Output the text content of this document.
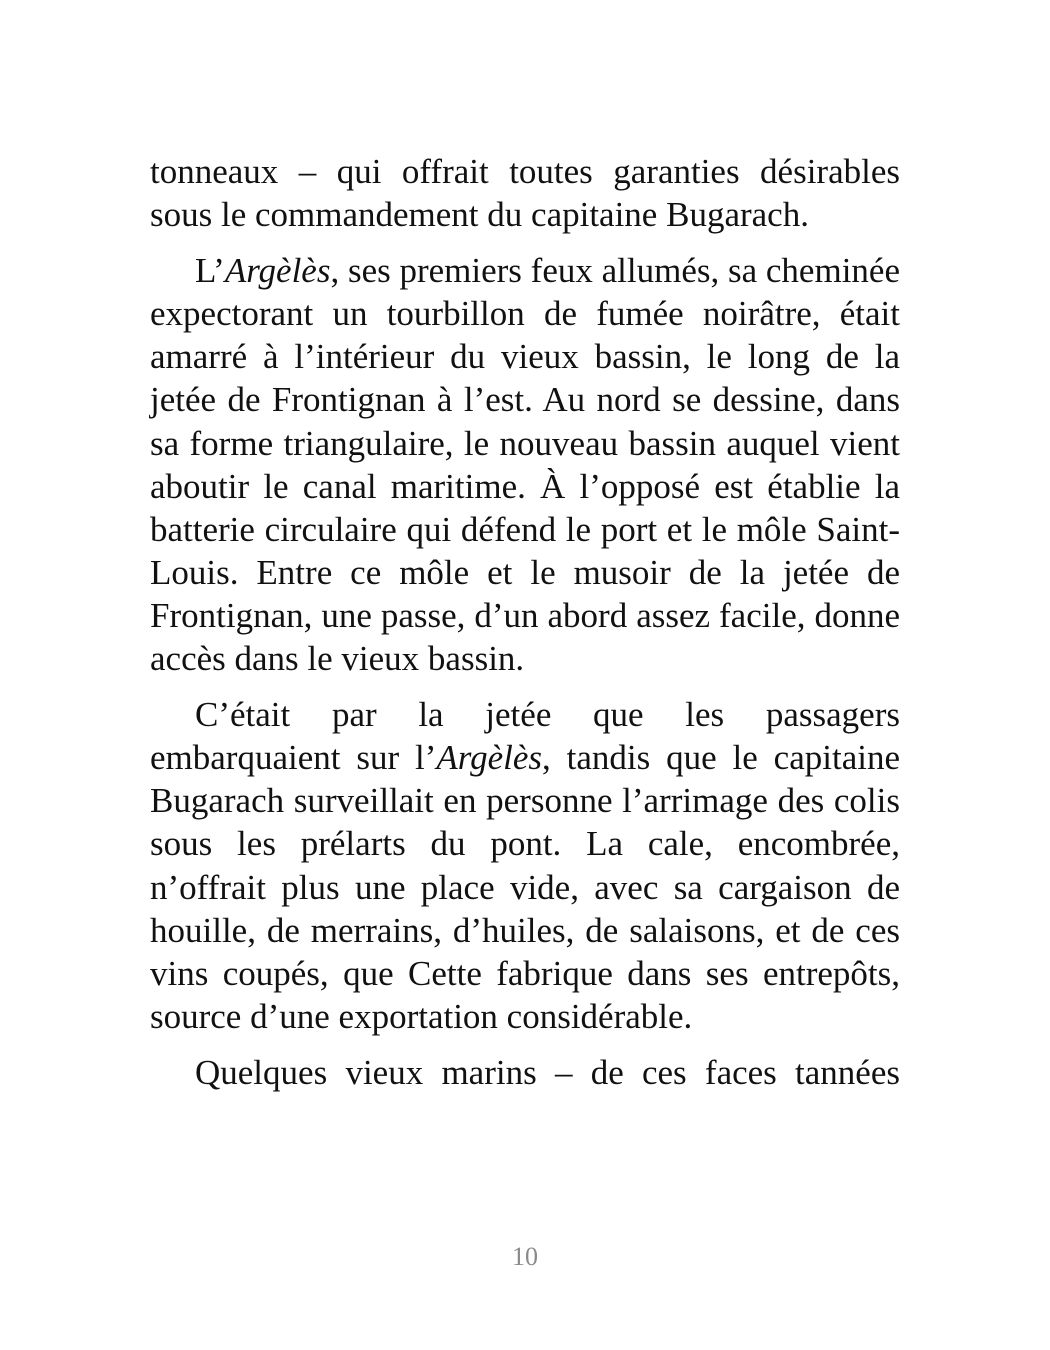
tonneaux – qui offrait toutes garanties désirables sous le commandement du capitaine Bugarach.

L’Argèlès, ses premiers feux allumés, sa cheminée expectorant un tourbillon de fumée noirâtre, était amarré à l’intérieur du vieux bassin, le long de la jetée de Frontignan à l’est. Au nord se dessine, dans sa forme triangulaire, le nouveau bassin auquel vient aboutir le canal maritime. À l’opposé est établie la batterie circulaire qui défend le port et le môle Saint-Louis. Entre ce môle et le musoir de la jetée de Frontignan, une passe, d’un abord assez facile, donne accès dans le vieux bassin.

C’était par la jetée que les passagers embarquaient sur l’Argèlès, tandis que le capitaine Bugarach surveillait en personne l’arrimage des colis sous les prélarts du pont. La cale, encombrée, n’offrait plus une place vide, avec sa cargaison de houille, de merrains, d’huiles, de salaisons, et de ces vins coupés, que Cette fabrique dans ses entrepôts, source d’une exportation considérable.

Quelques vieux marins – de ces faces tannées

10
